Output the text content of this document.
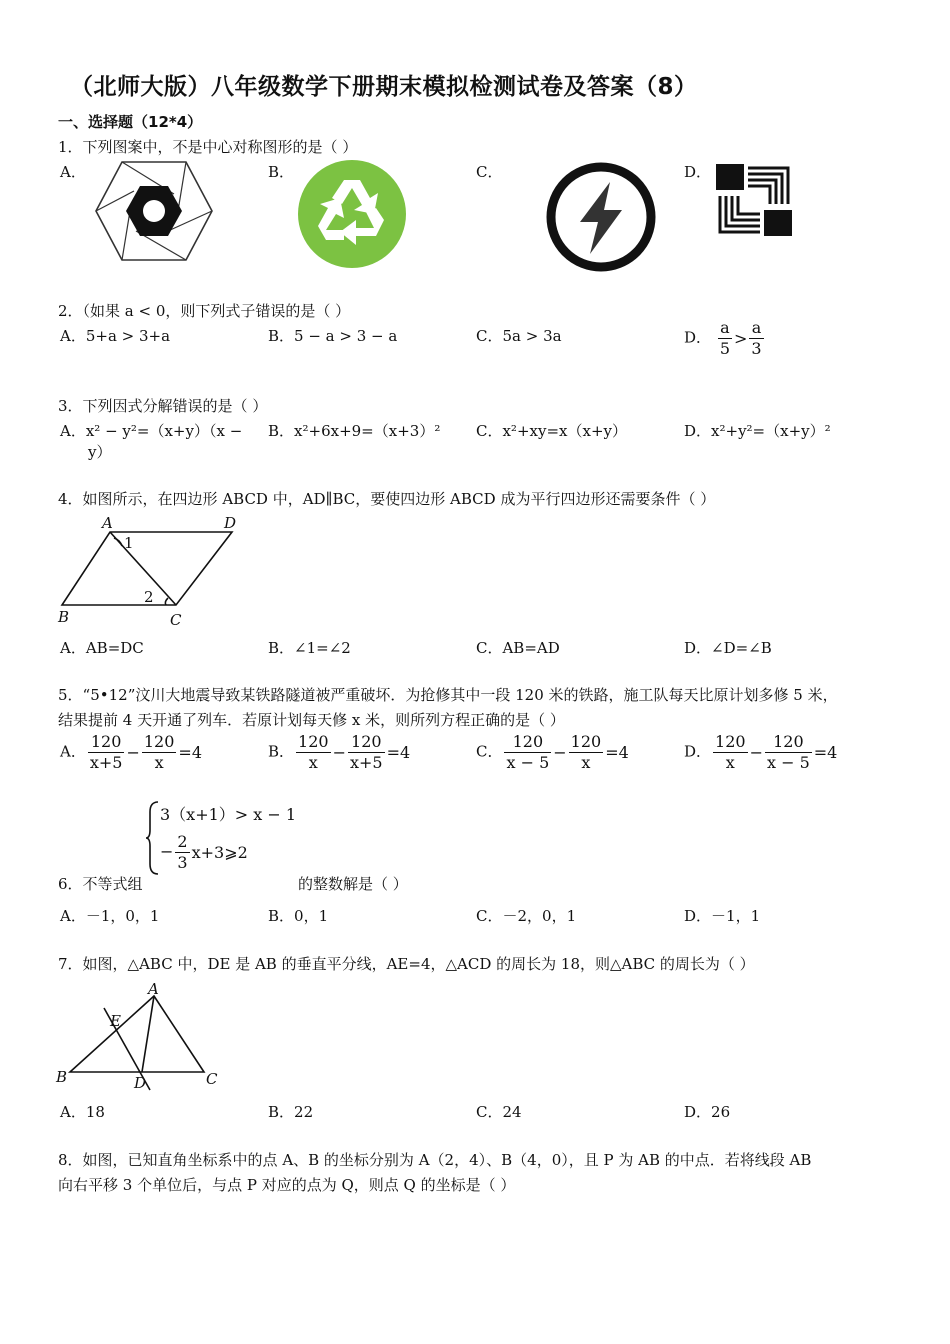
（北师大版）八年级数学下册期末模拟检测试卷及答案（8）
一、选择题（12*4）
1．下列图案中，不是中心对称图形的是（ ）
A．	B．	C．	D．
2．（如果 a < 0，则下列式子错误的是（ ）
A．5+a > 3+a	B．5 − a > 3 − a	C．5a > 3a	D． $\frac{a}{5} > \frac{a}{3}$
3．下列因式分解错误的是（ ）
A．x² − y²=（x+y）（x −
y）
B．x²+6x+9=（x+3）² C．x²+xy=x（x+y）	D．x²+y²=（x+y）²
4．如图所示，在四边形 ABCD 中，AD∥BC，要使四边形 ABCD 成为平行四边形还需要条件（ ）
A	D
B	C
1
2
A．AB=DC	B．∠1=∠2	C．AB=AD	D．∠D=∠B
5．“5•12”汶川大地震导致某铁路隧道被严重破坏．为抢修其中一段 120 米的铁路，施工队每天比原计划多修 5 米，
结果提前 4 天开通了列车．若原计划每天修 x 米，则所列方程正确的是（ ）
A． $\frac{120}{x+5} - \frac{120}{x} =4$	B． $\frac{120}{x} - \frac{120}{x+5} =4$	C． $\frac{120}{x - 5} - \frac{120}{x} =4$	D． $\frac{120}{x} - \frac{120}{x - 5} =4$
3（x+1）> x − 1
− $\frac{2}{3}$ x+3⩾2
6．不等式组	的整数解是（ ）
A．－1，0，1	B．0，1	C．－2，0，1	D．－1，1
7．如图，△ABC 中，DE 是 AB 的垂直平分线，AE=4，△ACD 的周长为 18，则△ABC 的周长为（ ）
A
E
B	D	C
A．18	B．22	C．24	D．26
8．如图，已知直角坐标系中的点 A、B 的坐标分别为 A（2，4）、B（4，0），且 P 为 AB 的中点．若将线段 AB
向右平移 3 个单位后，与点 P 对应的点为 Q，则点 Q 的坐标是（ ）
